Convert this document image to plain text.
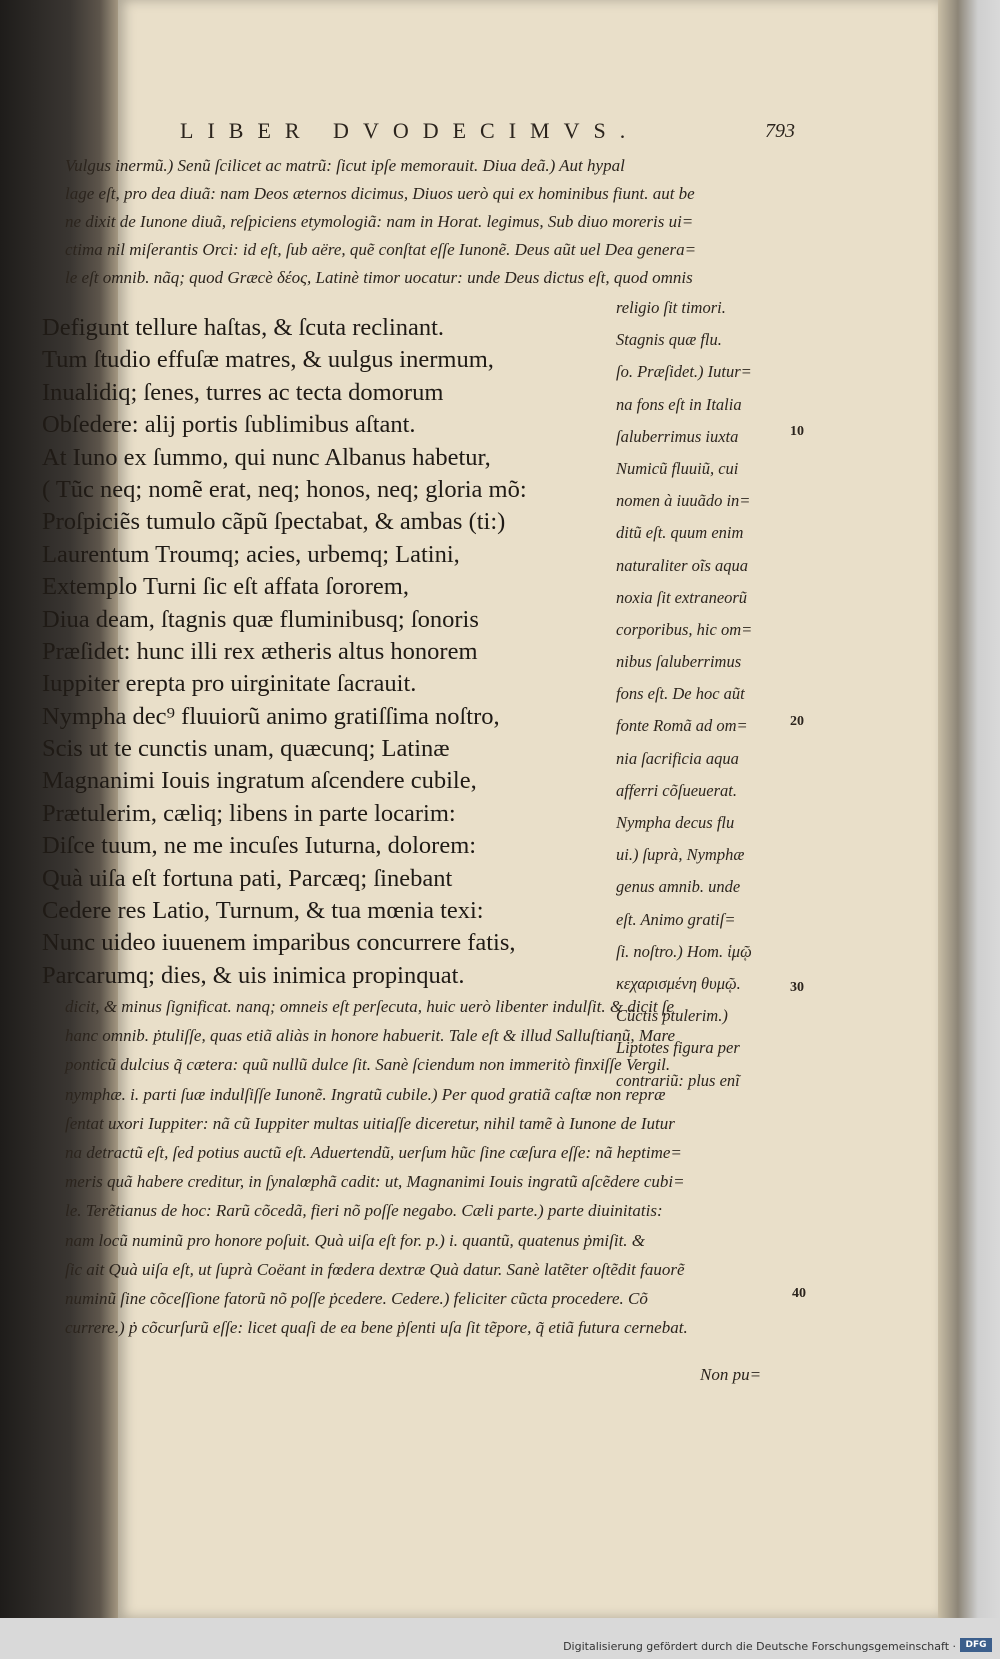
LIBER DVODECIMVS.	793
Vulgus inermũ.) Senũ ſcilicet ac matrũ: ſicut ipſe memorauit. Diua deã.) Aut hypal
lage eſt, pro dea diuã: nam Deos æternos dicimus, Diuos uerò qui ex hominibus fiunt. aut be
ne dixit de Iunone diuã, reſpiciens etymologiã: nam in Horat. legimus, Sub diuo moreris ui=
ctima nil miſerantis Orci: id eſt, ſub aëre, quẽ conſtat eſſe Iunonẽ. Deus aũt uel Dea genera=
le eſt omnib. nãq; quod Græcè δέος, Latinè timor uocatur: unde Deus dictus eſt, quod omnis
Defigunt tellure haſtas, & ſcuta reclinant.
Tum ſtudio effuſæ matres, & uulgus inermum,
Inualidiq; ſenes, turres ac tecta domorum
Obſedere: alij portis ſublimibus aſtant.
At Iuno ex ſummo, qui nunc Albanus habetur,
( Tũc neq; nomẽ erat, neq; honos, neq; gloria mõ:
Proſpiciẽs tumulo cãpũ ſpectabat, & ambas (ti:)
Laurentum Troumq; acies, urbemq; Latini,
Extemplo Turni ſic eſt affata ſororem,
Diua deam, ſtagnis quæ fluminibusq; ſonoris
Præſidet: hunc illi rex ætheris altus honorem
Iuppiter erepta pro uirginitate ſacrauit.
Nympha dec⁹ fluuiorũ animo gratiſſima noſtro,
Scis ut te cunctis unam, quæcunq; Latinæ
Magnanimi Iouis ingratum aſcendere cubile,
Prætulerim, cæliq; libens in parte locarim:
Diſce tuum, ne me incuſes Iuturna, dolorem:
Quà uiſa eſt fortuna pati, Parcæq; ſinebant
Cedere res Latio, Turnum, & tua mœnia texi:
Nunc uideo iuuenem imparibus concurrere fatis,
Parcarumq; dies, & uis inimica propinquat.
religio ſit timori.
Stagnis quæ flu.
ſo. Præſidet.) Iutur=
na fons eſt in Italia
ſaluberrimus iuxta
Numicũ fluuiũ, cui
nomen à iuuãdo in=
ditũ eſt. quum enim
naturaliter oĩs aqua
noxia ſit extraneorũ
corporibus, hic om=
nibus ſaluberrimus
fons eſt. De hoc aũt
fonte Romã ad om=
nia ſacrificia aqua
afferri cõſueuerat.
Nympha decus flu
ui.) ſuprà, Nymphæ
genus amnib. unde
eſt. Animo gratiſ=
ſi. noſtro.) Hom. ἱμῷ
κεχαρισμένη θυμῷ.
Cũctis ṗtulerim.)
Liptotes figura per
contrariũ: plus enĩ
10
20
30
40
dicit, & minus ſignificat. nanq; omneis eſt perſecuta, huic uerò libenter indulſit. & dicit ſe
hanc omnib. ṗtuliſſe, quas etiã aliàs in honore habuerit. Tale eſt & illud Salluſtianũ, Mare
ponticũ dulcius q̃ cætera: quũ nullũ dulce ſit. Sanè ſciendum non immeritò finxiſſe Vergil.
nymphæ. i. parti ſuæ indulſiſſe Iunonẽ. Ingratũ cubile.) Per quod gratiã caſtæ non repræ
ſentat uxori Iuppiter: nã cũ Iuppiter multas uitiaſſe diceretur, nihil tamẽ à Iunone de Iutur
na detractũ eſt, ſed potius auctũ eſt. Aduertendũ, uerſum hũc ſine cæſura eſſe: nã heptime=
meris quã habere creditur, in ſynalœphã cadit: ut, Magnanimi Iouis ingratũ aſcẽdere cubi=
le. Terẽtianus de hoc: Rarũ cõcedã, fieri nõ poſſe negabo. Cæli parte.) parte diuinitatis:
nam locũ numinũ pro honore poſuit. Quà uiſa eſt for. p.) i. quantũ, quatenus ṗmiſit. &
ſic ait Quà uiſa eſt, ut ſuprà Coëant in fœdera dextræ Quà datur. Sanè latẽter oſtẽdit fauorẽ
numinũ ſine cõceſſione fatorũ nõ poſſe ṗcedere. Cedere.) feliciter cũcta procedere. Cõ
currere.) ṗ cõcurſurũ eſſe: licet quaſi de ea bene ṗſenti uſa ſit tẽpore, q̃ etiã futura cernebat.
Non pu=
Digitalisierung gefördert durch die Deutsche Forschungsgemeinschaft ·	DFG
